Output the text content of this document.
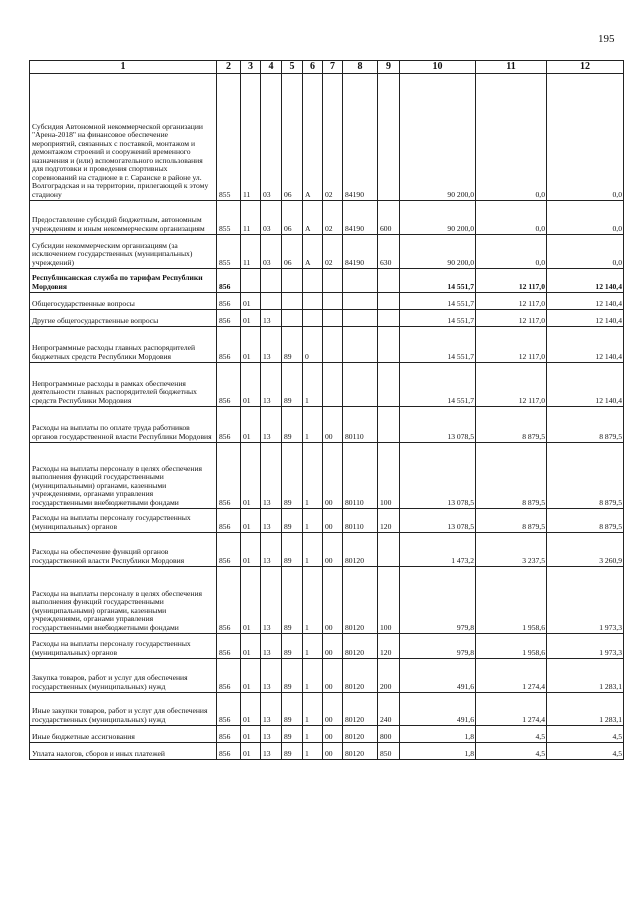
195
1	2	3	4	5	6	7	8	9	10	11	12
Субсидия Автономной некоммерческой организации "Арена-2018" на финансовое обеспечение мероприятий, связанных с поставкой, монтажом и демонтажом строений и сооружений временного назначения и (или) вспомогательного использования для подготовки и проведения спортивных соревнований на стадионе в г. Саранске в районе ул. Волгоградская и на территории, прилегающей к этому стадиону	855	11	03	06	А	02	84190		90 200,0	0,0	0,0
Предоставление субсидий бюджетным, автономным учреждениям и иным некоммерческим организациям	855	11	03	06	А	02	84190	600	90 200,0	0,0	0,0
Субсидии некоммерческим организациям (за исключением государственных (муниципальных) учреждений)	855	11	03	06	А	02	84190	630	90 200,0	0,0	0,0
Республиканская служба по тарифам Республики Мордовия	856								14 551,7	12 117,0	12 140,4
Общегосударственные вопросы	856	01							14 551,7	12 117,0	12 140,4
Другие общегосударственные вопросы	856	01	13						14 551,7	12 117,0	12 140,4
Непрограммные расходы главных распорядителей бюджетных средств Республики Мордовия	856	01	13	89	0				14 551,7	12 117,0	12 140,4
Непрограммные расходы в рамках обеспечения деятельности главных распорядителей бюджетных средств Республики Мордовия	856	01	13	89	1				14 551,7	12 117,0	12 140,4
Расходы на выплаты по оплате труда работников органов государственной власти Республики Мордовия	856	01	13	89	1	00	80110		13 078,5	8 879,5	8 879,5
Расходы на выплаты персоналу в целях обеспечения выполнения функций государственными (муниципальными) органами, казенными учреждениями, органами управления государственными внебюджетными фондами	856	01	13	89	1	00	80110	100	13 078,5	8 879,5	8 879,5
Расходы на выплаты персоналу государственных (муниципальных) органов	856	01	13	89	1	00	80110	120	13 078,5	8 879,5	8 879,5
Расходы на обеспечение функций органов государственной власти Республики Мордовия	856	01	13	89	1	00	80120		1 473,2	3 237,5	3 260,9
Расходы на выплаты персоналу в целях обеспечения выполнения функций государственными (муниципальными) органами, казенными учреждениями, органами управления государственными внебюджетными фондами	856	01	13	89	1	00	80120	100	979,8	1 958,6	1 973,3
Расходы на выплаты персоналу государственных (муниципальных) органов	856	01	13	89	1	00	80120	120	979,8	1 958,6	1 973,3
Закупка товаров, работ и услуг для обеспечения государственных (муниципальных) нужд	856	01	13	89	1	00	80120	200	491,6	1 274,4	1 283,1
Иные закупки товаров, работ и услуг для обеспечения государственных (муниципальных) нужд	856	01	13	89	1	00	80120	240	491,6	1 274,4	1 283,1
Иные бюджетные ассигнования	856	01	13	89	1	00	80120	800	1,8	4,5	4,5
Уплата налогов, сборов и иных платежей	856	01	13	89	1	00	80120	850	1,8	4,5	4,5
